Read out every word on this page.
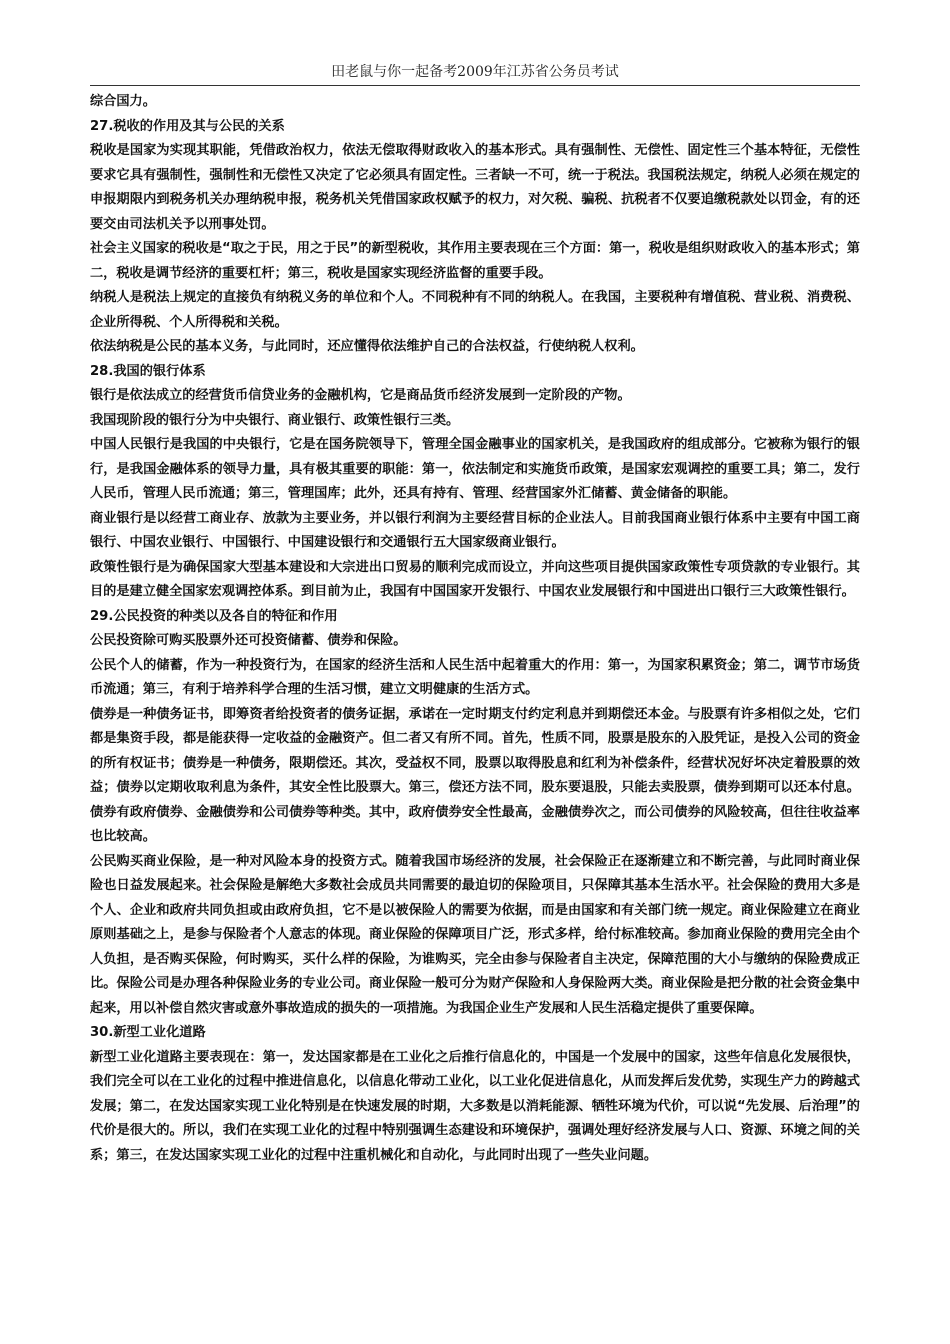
田老鼠与你一起备考2009年江苏省公务员考试

综合国力。

27.税收的作用及其与公民的关系

税收是国家为实现其职能，凭借政治权力，依法无偿取得财政收入的基本形式。具有强制性、无偿性、固定性三个基本特征，无偿性要求它具有强制性，强制性和无偿性又决定了它必须具有固定性。三者缺一不可，统一于税法。我国税法规定，纳税人必须在规定的申报期限内到税务机关办理纳税申报，税务机关凭借国家政权赋予的权力，对欠税、骗税、抗税者不仅要追缴税款处以罚金，有的还要交由司法机关予以刑事处罚。

社会主义国家的税收是“取之于民，用之于民”的新型税收，其作用主要表现在三个方面：第一，税收是组织财政收入的基本形式；第二，税收是调节经济的重要杠杆；第三，税收是国家实现经济监督的重要手段。

纳税人是税法上规定的直接负有纳税义务的单位和个人。不同税种有不同的纳税人。在我国，主要税种有增值税、营业税、消费税、企业所得税、个人所得税和关税。

依法纳税是公民的基本义务，与此同时，还应懂得依法维护自己的合法权益，行使纳税人权利。

28.我国的银行体系

银行是依法成立的经营货币信贷业务的金融机构，它是商品货币经济发展到一定阶段的产物。

我国现阶段的银行分为中央银行、商业银行、政策性银行三类。

中国人民银行是我国的中央银行，它是在国务院领导下，管理全国金融事业的国家机关，是我国政府的组成部分。它被称为银行的银行，是我国金融体系的领导力量，具有极其重要的职能：第一，依法制定和实施货币政策，是国家宏观调控的重要工具；第二，发行人民币，管理人民币流通；第三，管理国库；此外，还具有持有、管理、经营国家外汇储蓄、黄金储备的职能。

商业银行是以经营工商业存、放款为主要业务，并以银行利润为主要经营目标的企业法人。目前我国商业银行体系中主要有中国工商银行、中国农业银行、中国银行、中国建设银行和交通银行五大国家级商业银行。

政策性银行是为确保国家大型基本建设和大宗进出口贸易的顺利完成而设立，并向这些项目提供国家政策性专项贷款的专业银行。其目的是建立健全国家宏观调控体系。到目前为止，我国有中国国家开发银行、中国农业发展银行和中国进出口银行三大政策性银行。

29.公民投资的种类以及各自的特征和作用

公民投资除可购买股票外还可投资储蓄、债券和保险。

公民个人的储蓄，作为一种投资行为，在国家的经济生活和人民生活中起着重大的作用：第一，为国家积累资金；第二，调节市场货币流通；第三，有利于培养科学合理的生活习惯，建立文明健康的生活方式。

债券是一种债务证书，即筹资者给投资者的债务证据，承诺在一定时期支付约定利息并到期偿还本金。与股票有许多相似之处，它们都是集资手段，都是能获得一定收益的金融资产。但二者又有所不同。首先，性质不同，股票是股东的入股凭证，是投入公司的资金的所有权证书；债券是一种债务，限期偿还。其次，受益权不同，股票以取得股息和红利为补偿条件，经营状况好坏决定着股票的效益；债券以定期收取利息为条件，其安全性比股票大。第三，偿还方法不同，股东要退股，只能去卖股票，债券到期可以还本付息。债券有政府债券、金融债券和公司债券等种类。其中，政府债券安全性最高，金融债券次之，而公司债券的风险较高，但往往收益率也比较高。

公民购买商业保险，是一种对风险本身的投资方式。随着我国市场经济的发展，社会保险正在逐渐建立和不断完善，与此同时商业保险也日益发展起来。社会保险是解绝大多数社会成员共同需要的最迫切的保险项目，只保障其基本生活水平。社会保险的费用大多是个人、企业和政府共同负担或由政府负担，它不是以被保险人的需要为依据，而是由国家和有关部门统一规定。商业保险建立在商业原则基础之上，是参与保险者个人意志的体现。商业保险的保障项目广泛，形式多样，给付标准较高。参加商业保险的费用完全由个人负担，是否购买保险，何时购买，买什么样的保险，为谁购买，完全由参与保险者自主决定，保障范围的大小与缴纳的保险费成正比。保险公司是办理各种保险业务的专业公司。商业保险一般可分为财产保险和人身保险两大类。商业保险是把分散的社会资金集中起来，用以补偿自然灾害或意外事故造成的损失的一项措施。为我国企业生产发展和人民生活稳定提供了重要保障。

30.新型工业化道路

新型工业化道路主要表现在：第一，发达国家都是在工业化之后推行信息化的，中国是一个发展中的国家，这些年信息化发展很快，我们完全可以在工业化的过程中推进信息化，以信息化带动工业化，以工业化促进信息化，从而发挥后发优势，实现生产力的跨越式发展；第二，在发达国家实现工业化特别是在快速发展的时期，大多数是以消耗能源、牺牲环境为代价，可以说“先发展、后治理”的代价是很大的。所以，我们在实现工业化的过程中特别强调生态建设和环境保护，强调处理好经济发展与人口、资源、环境之间的关系；第三，在发达国家实现工业化的过程中注重机械化和自动化，与此同时出现了一些失业问题。
